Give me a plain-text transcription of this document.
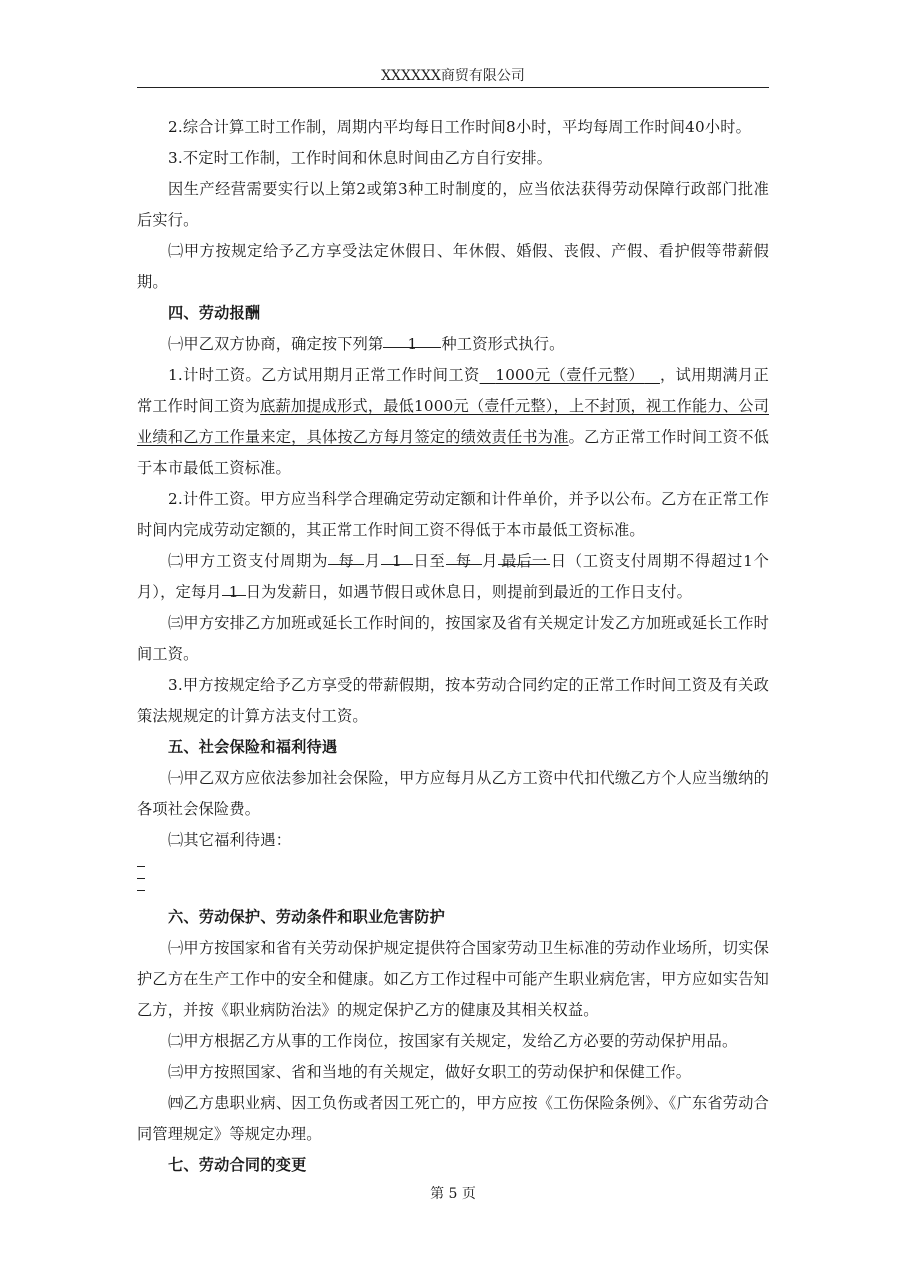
XXXXXX商贸有限公司

2.综合计算工时工作制，周期内平均每日工作时间8小时，平均每周工作时间40小时。

3.不定时工作制，工作时间和休息时间由乙方自行安排。

因生产经营需要实行以上第2或第3种工时制度的，应当依法获得劳动保障行政部门批准后实行。

㈡甲方按规定给予乙方享受法定休假日、年休假、婚假、丧假、产假、看护假等带薪假期。

四、劳动报酬

㈠甲乙双方协商，确定按下列第 1 种工资形式执行。

1.计时工资。乙方试用期月正常工作时间工资 1000元（壹仟元整） ，试用期满月正常工作时间工资为底薪加提成形式，最低1000元（壹仟元整），上不封顶，视工作能力、公司业绩和乙方工作量来定，具体按乙方每月签定的绩效责任书为准。乙方正常工作时间工资不低于本市最低工资标准。

2.计件工资。甲方应当科学合理确定劳动定额和计件单价，并予以公布。乙方在正常工作时间内完成劳动定额的，其正常工作时间工资不得低于本市最低工资标准。

㈡甲方工资支付周期为 每 月 1 日至 每 月 最后一 日（工资支付周期不得超过1个月），定每月 1 日为发薪日，如遇节假日或休息日，则提前到最近的工作日支付。

㈢甲方安排乙方加班或延长工作时间的，按国家及省有关规定计发乙方加班或延长工作时间工资。

3.甲方按规定给予乙方享受的带薪假期，按本劳动合同约定的正常工作时间工资及有关政策法规规定的计算方法支付工资。

五、社会保险和福利待遇

㈠甲乙双方应依法参加社会保险，甲方应每月从乙方工资中代扣代缴乙方个人应当缴纳的各项社会保险费。

㈡其它福利待遇：

六、劳动保护、劳动条件和职业危害防护

㈠甲方按国家和省有关劳动保护规定提供符合国家劳动卫生标准的劳动作业场所，切实保护乙方在生产工作中的安全和健康。如乙方工作过程中可能产生职业病危害，甲方应如实告知乙方，并按《职业病防治法》的规定保护乙方的健康及其相关权益。

㈡甲方根据乙方从事的工作岗位，按国家有关规定，发给乙方必要的劳动保护用品。

㈢甲方按照国家、省和当地的有关规定，做好女职工的劳动保护和保健工作。

㈣乙方患职业病、因工负伤或者因工死亡的，甲方应按《工伤保险条例》、《广东省劳动合同管理规定》等规定办理。

七、劳动合同的变更

第 5 页
